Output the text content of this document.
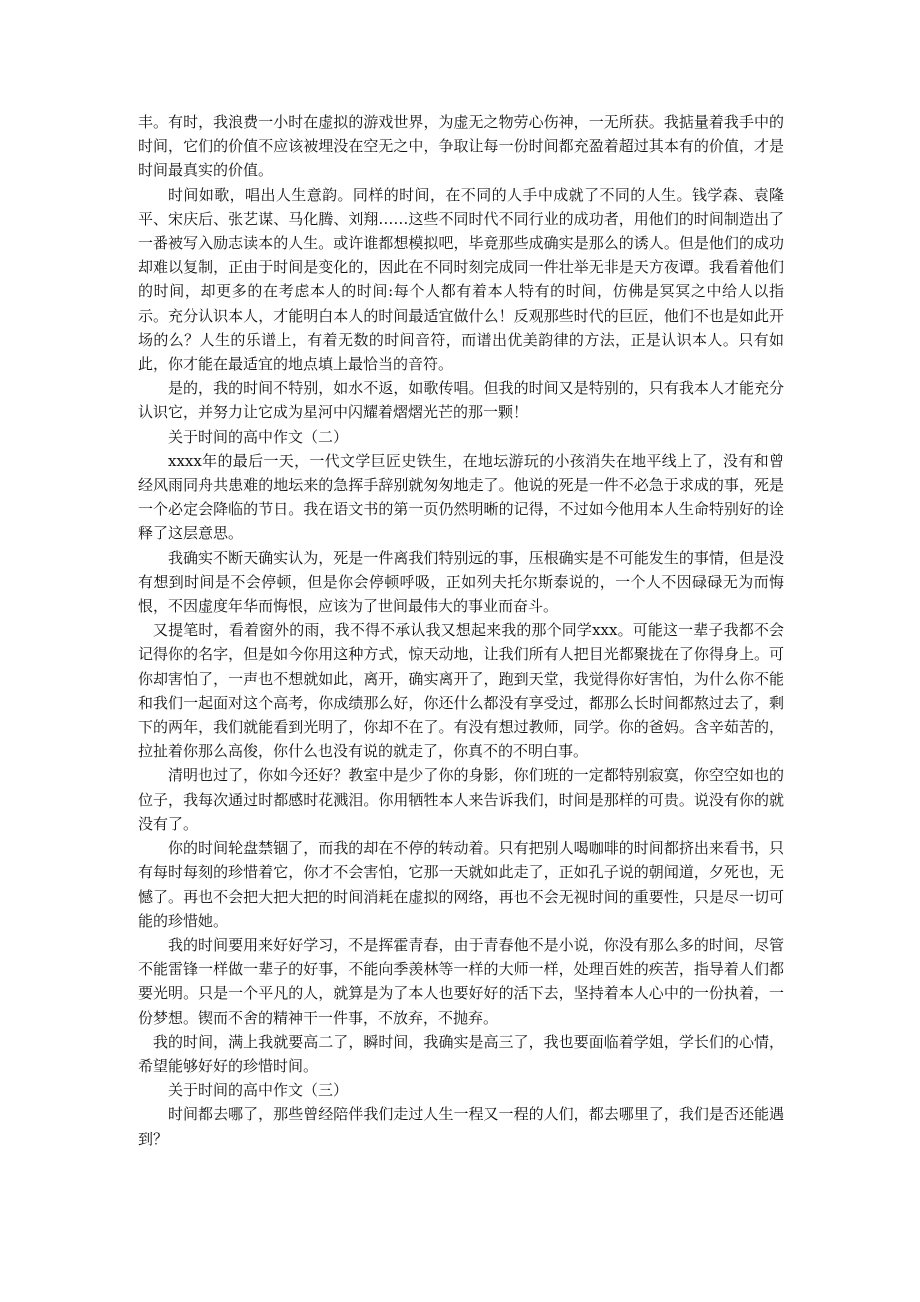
丰。有时，我浪费一小时在虚拟的游戏世界，为虚无之物劳心伤神，一无所获。我掂量着我手中的时间，它们的价值不应该被埋没在空无之中，争取让每一份时间都充盈着超过其本有的价值，才是时间最真实的价值。

时间如歌，唱出人生意韵。同样的时间，在不同的人手中成就了不同的人生。钱学森、袁隆平、宋庆后、张艺谋、马化腾、刘翔……这些不同时代不同行业的成功者，用他们的时间制造出了一番被写入励志读本的人生。或许谁都想模拟吧，毕竟那些成确实是那么的诱人。但是他们的成功却难以复制，正由于时间是变化的，因此在不同时刻完成同一件壮举无非是天方夜谭。我看着他们的时间，却更多的在考虑本人的时间:每个人都有着本人特有的时间，仿佛是冥冥之中给人以指示。充分认识本人，才能明白本人的时间最适宜做什么！反观那些时代的巨匠，他们不也是如此开场的么？人生的乐谱上，有着无数的时间音符，而谱出优美韵律的方法，正是认识本人。只有如此，你才能在最适宜的地点填上最恰当的音符。

是的，我的时间不特别，如水不返，如歌传唱。但我的时间又是特别的，只有我本人才能充分认识它，并努力让它成为星河中闪耀着熠熠光芒的那一颗！

关于时间的高中作文（二）

xxxx年的最后一天，一代文学巨匠史铁生，在地坛游玩的小孩消失在地平线上了，没有和曾经风雨同舟共患难的地坛来的急挥手辞别就匆匆地走了。他说的死是一件不必急于求成的事，死是一个必定会降临的节日。我在语文书的第一页仍然明晰的记得，不过如今他用本人生命特别好的诠释了这层意思。

我确实不断天确实认为，死是一件离我们特别远的事，压根确实是不可能发生的事情，但是没有想到时间是不会停顿，但是你会停顿呼吸，正如列夫托尔斯泰说的，一个人不因碌碌无为而悔恨，不因虚度年华而悔恨，应该为了世间最伟大的事业而奋斗。

又提笔时，看着窗外的雨，我不得不承认我又想起来我的那个同学xxx。可能这一辈子我都不会记得你的名字，但是如今你用这种方式，惊天动地，让我们所有人把目光都聚拢在了你得身上。可你却害怕了，一声也不想就如此，离开，确实离开了，跑到天堂，我觉得你好害怕，为什么你不能和我们一起面对这个高考，你成绩那么好，你还什么都没有享受过，都那么长时间都熬过去了，剩下的两年，我们就能看到光明了，你却不在了。有没有想过教师，同学。你的爸妈。含辛茹苦的，拉扯着你那么高俊，你什么也没有说的就走了，你真不的不明白事。

清明也过了，你如今还好？教室中是少了你的身影，你们班的一定都特别寂寞，你空空如也的位子，我每次通过时都感时花溅泪。你用牺牲本人来告诉我们，时间是那样的可贵。说没有你的就没有了。

你的时间轮盘禁锢了，而我的却在不停的转动着。只有把别人喝咖啡的时间都挤出来看书，只有每时每刻的珍惜着它，你才不会害怕，它那一天就如此走了，正如孔子说的朝闻道，夕死也，无憾了。再也不会把大把大把的时间消耗在虚拟的网络，再也不会无视时间的重要性，只是尽一切可能的珍惜她。

我的时间要用来好好学习，不是挥霍青春，由于青春他不是小说，你没有那么多的时间，尽管不能雷锋一样做一辈子的好事，不能向季羡林等一样的大师一样，处理百姓的疾苦，指导着人们都要光明。只是一个平凡的人，就算是为了本人也要好好的活下去，坚持着本人心中的一份执着，一份梦想。锲而不舍的精神干一件事，不放弃，不抛弃。

我的时间，满上我就要高二了，瞬时间，我确实是高三了，我也要面临着学姐，学长们的心情，希望能够好好的珍惜时间。

关于时间的高中作文（三）

时间都去哪了，那些曾经陪伴我们走过人生一程又一程的人们，都去哪里了，我们是否还能遇到？
